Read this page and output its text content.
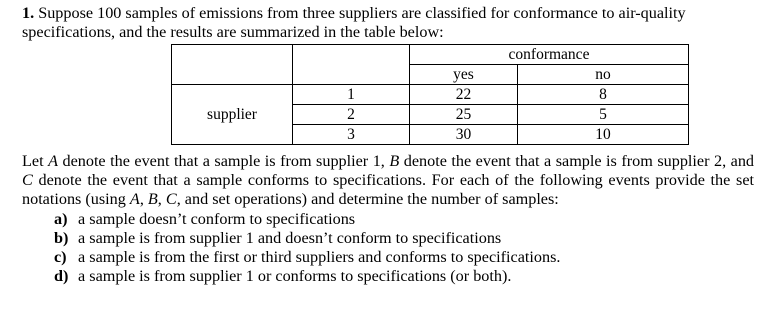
1. Suppose 100 samples of emissions from three suppliers are classified for conformance to air-quality specifications, and the results are summarized in the table below:

		conformance	
		yes	no
	1	22	8
supplier	2	25	5
	3	30	10

Let A denote the event that a sample is from supplier 1, B denote the event that a sample is from supplier 2, and C denote the event that a sample conforms to specifications. For each of the following events provide the set notations (using A, B, C, and set operations) and determine the number of samples:

a) a sample doesn’t conform to specifications
b) a sample is from supplier 1 and doesn’t conform to specifications
c) a sample is from the first or third suppliers and conforms to specifications.
d) a sample is from supplier 1 or conforms to specifications (or both).
